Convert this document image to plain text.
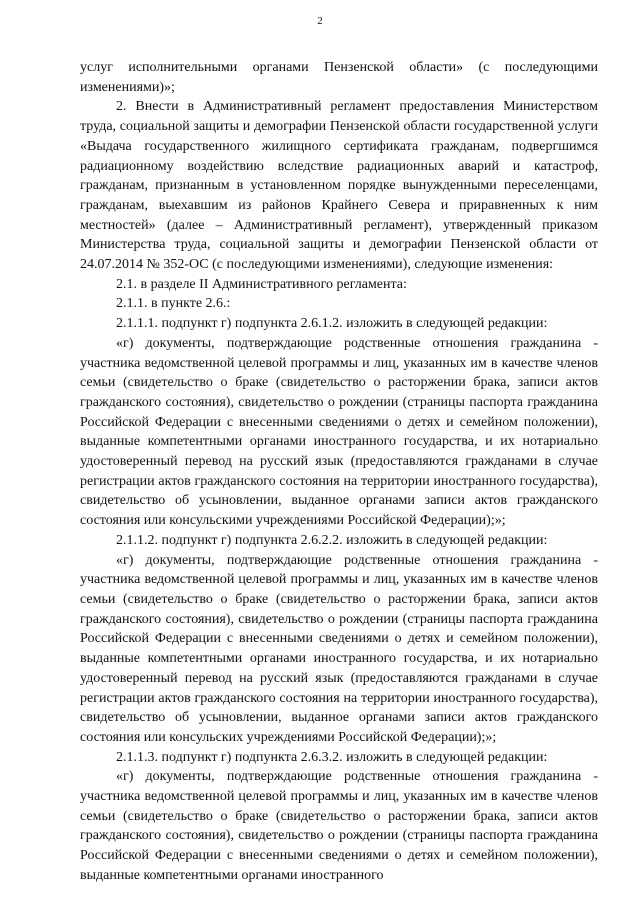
2

услуг исполнительными органами Пензенской области» (с последующими изменениями)»;

2. Внести в Административный регламент предоставления Министерством труда, социальной защиты и демографии Пензенской области государственной услуги «Выдача государственного жилищного сертификата гражданам, подвергшимся радиационному воздействию вследствие радиационных аварий и катастроф, гражданам, признанным в установленном порядке вынужденными переселенцами, гражданам, выехавшим из районов Крайнего Севера и приравненных к ним местностей» (далее – Административный регламент), утвержденный приказом Министерства труда, социальной защиты и демографии Пензенской области от 24.07.2014 № 352-ОС (с последующими изменениями), следующие изменения:

2.1. в разделе II Административного регламента:

2.1.1. в пункте 2.6.:

2.1.1.1. подпункт г) подпункта 2.6.1.2. изложить в следующей редакции:

«г) документы, подтверждающие родственные отношения гражданина - участника ведомственной целевой программы и лиц, указанных им в качестве членов семьи (свидетельство о браке (свидетельство о расторжении брака, записи актов гражданского состояния), свидетельство о рождении (страницы паспорта гражданина Российской Федерации с внесенными сведениями о детях и семейном положении), выданные компетентными органами иностранного государства, и их нотариально удостоверенный перевод на русский язык (предоставляются гражданами в случае регистрации актов гражданского состояния на территории иностранного государства), свидетельство об усыновлении, выданное органами записи актов гражданского состояния или консульскими учреждениями Российской Федерации);»;

2.1.1.2. подпункт г) подпункта 2.6.2.2. изложить в следующей редакции:

«г) документы, подтверждающие родственные отношения гражданина - участника ведомственной целевой программы и лиц, указанных им в качестве членов семьи (свидетельство о браке (свидетельство о расторжении брака, записи актов гражданского состояния), свидетельство о рождении (страницы паспорта гражданина Российской Федерации с внесенными сведениями о детях и семейном положении), выданные компетентными органами иностранного государства, и их нотариально удостоверенный перевод на русский язык (предоставляются гражданами в случае регистрации актов гражданского состояния на территории иностранного государства), свидетельство об усыновлении, выданное органами записи актов гражданского состояния или консульских учреждениями Российской Федерации);»;

2.1.1.3. подпункт г) подпункта 2.6.3.2. изложить в следующей редакции:

«г) документы, подтверждающие родственные отношения гражданина - участника ведомственной целевой программы и лиц, указанных им в качестве членов семьи (свидетельство о браке (свидетельство о расторжении брака, записи актов гражданского состояния), свидетельство о рождении (страницы паспорта гражданина Российской Федерации с внесенными сведениями о детях и семейном положении), выданные компетентными органами иностранного
